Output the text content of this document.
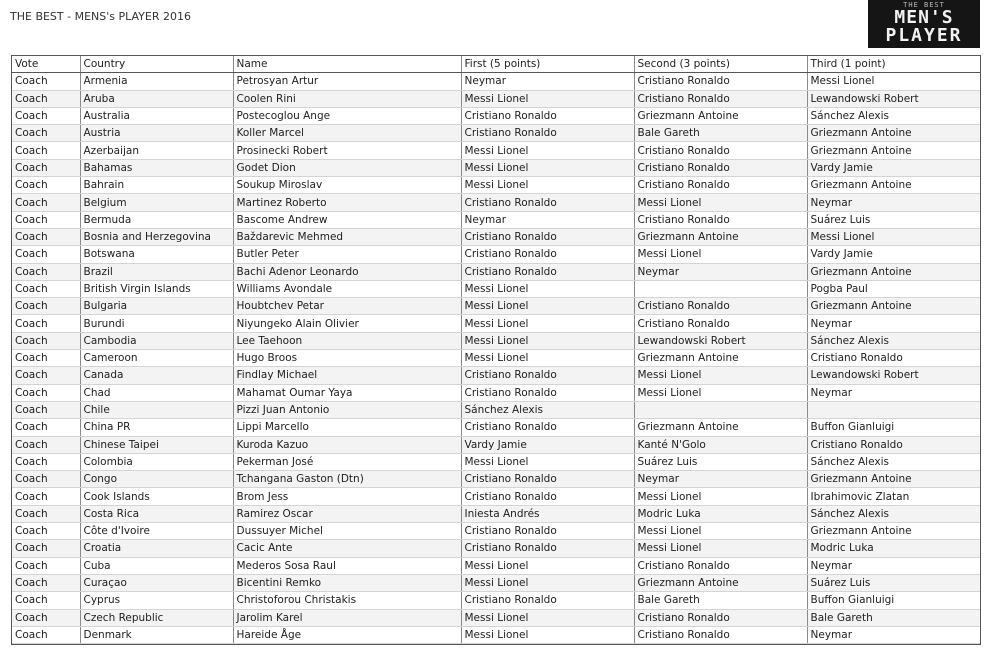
THE BEST - MENS's PLAYER 2016
THE BEST
MEN'S
PLAYER
Vote	Country	Name	First (5 points)	Second (3 points)	Third (1 point)
Coach	Armenia	Petrosyan Artur	Neymar	Cristiano Ronaldo	Messi Lionel
Coach	Aruba	Coolen Rini	Messi Lionel	Cristiano Ronaldo	Lewandowski Robert
Coach	Australia	Postecoglou Ange	Cristiano Ronaldo	Griezmann Antoine	Sánchez Alexis
Coach	Austria	Koller Marcel	Cristiano Ronaldo	Bale Gareth	Griezmann Antoine
Coach	Azerbaijan	Prosinecki Robert	Messi Lionel	Cristiano Ronaldo	Griezmann Antoine
Coach	Bahamas	Godet Dion	Messi Lionel	Cristiano Ronaldo	Vardy Jamie
Coach	Bahrain	Soukup Miroslav	Messi Lionel	Cristiano Ronaldo	Griezmann Antoine
Coach	Belgium	Martinez Roberto	Cristiano Ronaldo	Messi Lionel	Neymar
Coach	Bermuda	Bascome Andrew	Neymar	Cristiano Ronaldo	Suárez Luis
Coach	Bosnia and Herzegovina	Baždarevic Mehmed	Cristiano Ronaldo	Griezmann Antoine	Messi Lionel
Coach	Botswana	Butler Peter	Cristiano Ronaldo	Messi Lionel	Vardy Jamie
Coach	Brazil	Bachi Adenor Leonardo	Cristiano Ronaldo	Neymar	Griezmann Antoine
Coach	British Virgin Islands	Williams Avondale	Messi Lionel		Pogba Paul
Coach	Bulgaria	Houbtchev Petar	Messi Lionel	Cristiano Ronaldo	Griezmann Antoine
Coach	Burundi	Niyungeko Alain Olivier	Messi Lionel	Cristiano Ronaldo	Neymar
Coach	Cambodia	Lee Taehoon	Messi Lionel	Lewandowski Robert	Sánchez Alexis
Coach	Cameroon	Hugo Broos	Messi Lionel	Griezmann Antoine	Cristiano Ronaldo
Coach	Canada	Findlay Michael	Cristiano Ronaldo	Messi Lionel	Lewandowski Robert
Coach	Chad	Mahamat Oumar Yaya	Cristiano Ronaldo	Messi Lionel	Neymar
Coach	Chile	Pizzi Juan Antonio	Sánchez Alexis		
Coach	China PR	Lippi Marcello	Cristiano Ronaldo	Griezmann Antoine	Buffon Gianluigi
Coach	Chinese Taipei	Kuroda Kazuo	Vardy Jamie	Kanté N'Golo	Cristiano Ronaldo
Coach	Colombia	Pekerman José	Messi Lionel	Suárez Luis	Sánchez Alexis
Coach	Congo	Tchangana Gaston (Dtn)	Cristiano Ronaldo	Neymar	Griezmann Antoine
Coach	Cook Islands	Brom Jess	Cristiano Ronaldo	Messi Lionel	Ibrahimovic Zlatan
Coach	Costa Rica	Ramirez Oscar	Iniesta Andrés	Modric Luka	Sánchez Alexis
Coach	Côte d'Ivoire	Dussuyer Michel	Cristiano Ronaldo	Messi Lionel	Griezmann Antoine
Coach	Croatia	Cacic Ante	Cristiano Ronaldo	Messi Lionel	Modric Luka
Coach	Cuba	Mederos Sosa Raul	Messi Lionel	Cristiano Ronaldo	Neymar
Coach	Curaçao	Bicentini Remko	Messi Lionel	Griezmann Antoine	Suárez Luis
Coach	Cyprus	Christoforou Christakis	Cristiano Ronaldo	Bale Gareth	Buffon Gianluigi
Coach	Czech Republic	Jarolim Karel	Messi Lionel	Cristiano Ronaldo	Bale Gareth
Coach	Denmark	Hareide Åge	Messi Lionel	Cristiano Ronaldo	Neymar
